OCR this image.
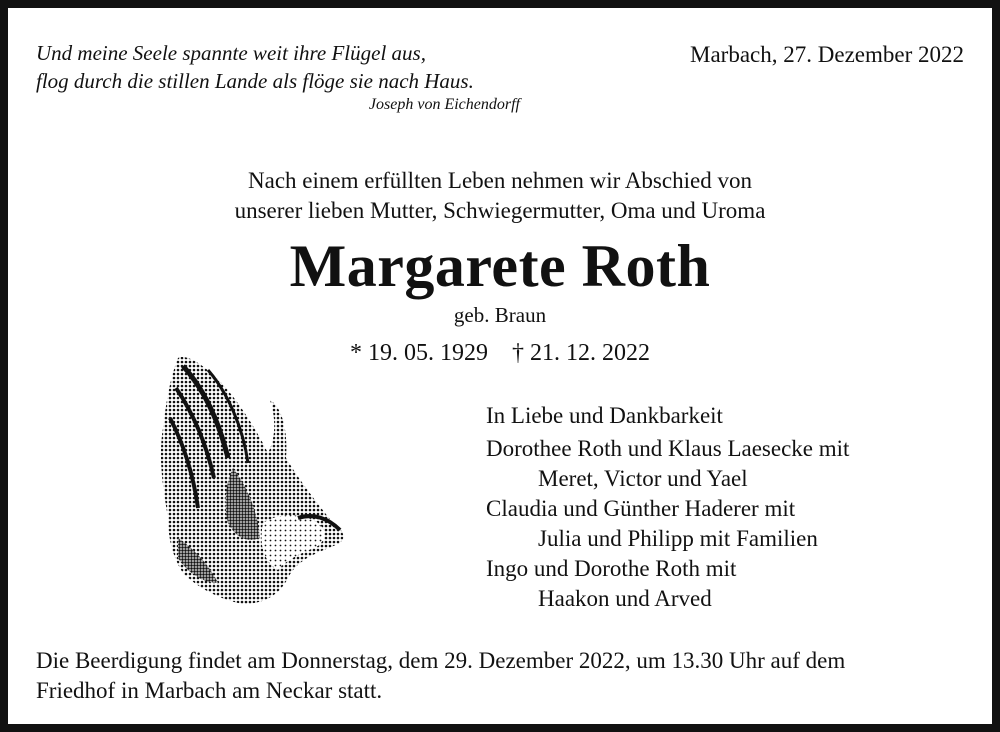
Und meine Seele spannte weit ihre Flügel aus,
flog durch die stillen Lande als flöge sie nach Haus.
Joseph von Eichendorff
Marbach, 27. Dezember 2022
Nach einem erfüllten Leben nehmen wir Abschied von
unserer lieben Mutter, Schwiegermutter, Oma und Uroma
Margarete Roth
geb. Braun
* 19. 05. 1929 † 21. 12. 2022
In Liebe und Dankbarkeit
Dorothee Roth und Klaus Laesecke mit
Meret, Victor und Yael
Claudia und Günther Haderer mit
Julia und Philipp mit Familien
Ingo und Dorothe Roth mit
Haakon und Arved
Die Beerdigung findet am Donnerstag, dem 29. Dezember 2022, um 13.30 Uhr auf dem
Friedhof in Marbach am Neckar statt.
